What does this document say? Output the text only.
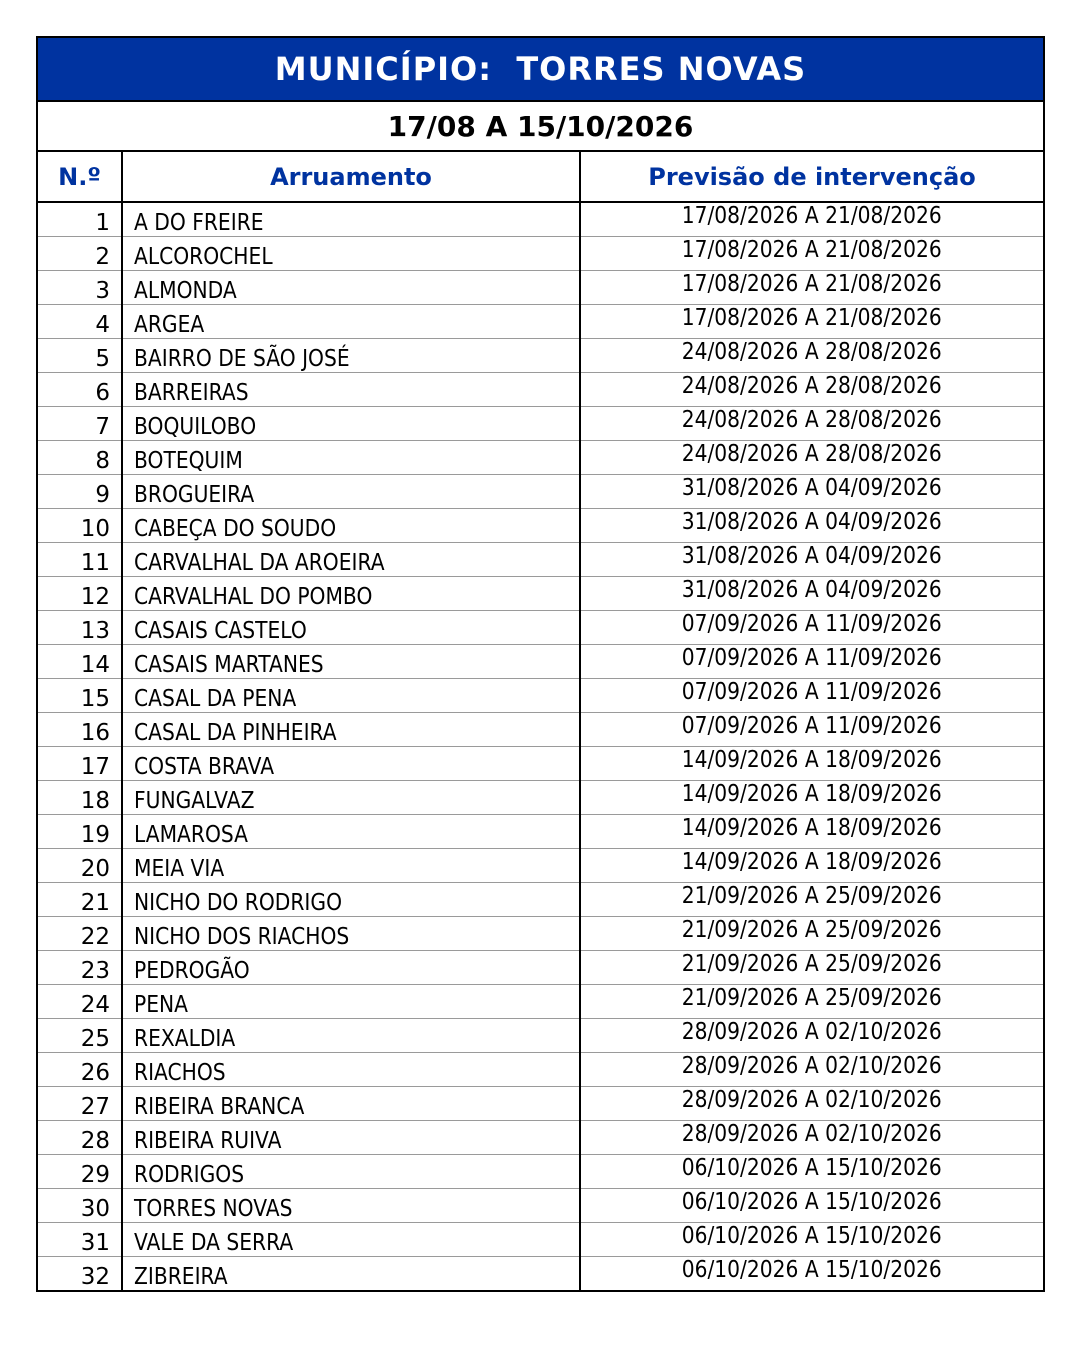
MUNICÍPIO:  TORRES NOVAS
17/08 A 15/10/2026
N.º	Arruamento	Previsão de intervenção
1	A DO FREIRE	17/08/2026 A 21/08/2026
2	ALCOROCHEL	17/08/2026 A 21/08/2026
3	ALMONDA	17/08/2026 A 21/08/2026
4	ARGEA	17/08/2026 A 21/08/2026
5	BAIRRO DE SÃO JOSÉ	24/08/2026 A 28/08/2026
6	BARREIRAS	24/08/2026 A 28/08/2026
7	BOQUILOBO	24/08/2026 A 28/08/2026
8	BOTEQUIM	24/08/2026 A 28/08/2026
9	BROGUEIRA	31/08/2026 A 04/09/2026
10	CABEÇA DO SOUDO	31/08/2026 A 04/09/2026
11	CARVALHAL DA AROEIRA	31/08/2026 A 04/09/2026
12	CARVALHAL DO POMBO	31/08/2026 A 04/09/2026
13	CASAIS CASTELO	07/09/2026 A 11/09/2026
14	CASAIS MARTANES	07/09/2026 A 11/09/2026
15	CASAL DA PENA	07/09/2026 A 11/09/2026
16	CASAL DA PINHEIRA	07/09/2026 A 11/09/2026
17	COSTA BRAVA	14/09/2026 A 18/09/2026
18	FUNGALVAZ	14/09/2026 A 18/09/2026
19	LAMAROSA	14/09/2026 A 18/09/2026
20	MEIA VIA	14/09/2026 A 18/09/2026
21	NICHO DO RODRIGO	21/09/2026 A 25/09/2026
22	NICHO DOS RIACHOS	21/09/2026 A 25/09/2026
23	PEDROGÃO	21/09/2026 A 25/09/2026
24	PENA	21/09/2026 A 25/09/2026
25	REXALDIA	28/09/2026 A 02/10/2026
26	RIACHOS	28/09/2026 A 02/10/2026
27	RIBEIRA BRANCA	28/09/2026 A 02/10/2026
28	RIBEIRA RUIVA	28/09/2026 A 02/10/2026
29	RODRIGOS	06/10/2026 A 15/10/2026
30	TORRES NOVAS	06/10/2026 A 15/10/2026
31	VALE DA SERRA	06/10/2026 A 15/10/2026
32	ZIBREIRA	06/10/2026 A 15/10/2026
